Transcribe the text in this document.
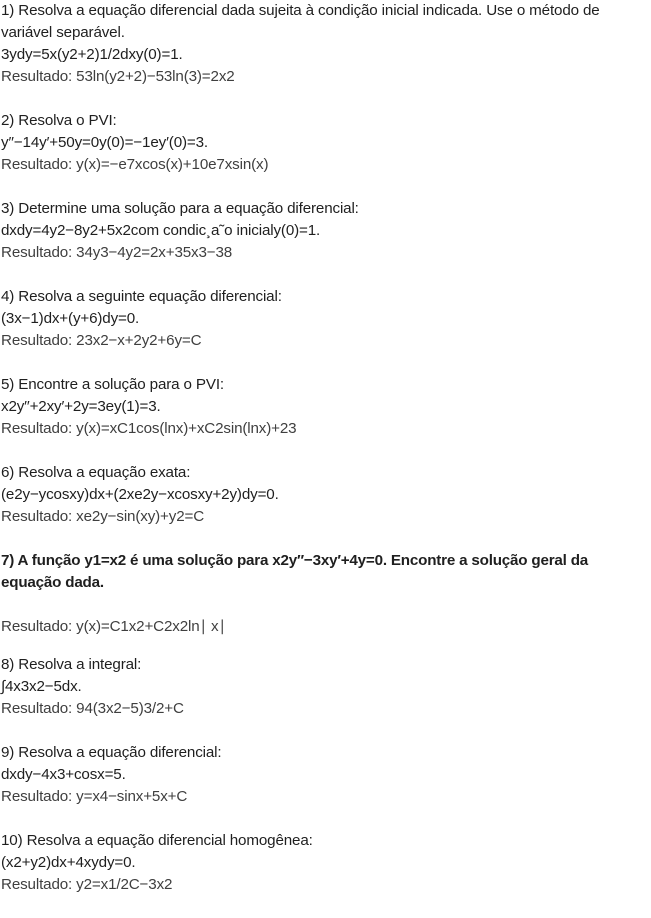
1) Resolva a equação diferencial dada sujeita à condição inicial indicada. Use o método de
variável separável.
3ydy=5x(y2+2)1/2dxy(0)=1.
Resultado: 53ln(y2+2)−53ln(3)=2x2
2) Resolva o PVI:
y′′−14y′+50y=0y(0)=−1ey′(0)=3.
Resultado: y(x)=−e7xcos(x)+10e7xsin(x)
3) Determine uma solução para a equação diferencial:
dxdy=4y2−8y2+5x2com condic¸a˜o inicialy(0)=1.
Resultado: 34y3−4y2=2x+35x3−38
4) Resolva a seguinte equação diferencial:
(3x−1)dx+(y+6)dy=0.
Resultado: 23x2−x+2y2+6y=C
5) Encontre a solução para o PVI:
x2y′′+2xy′+2y=3ey(1)=3.
Resultado: y(x)=xC1cos(lnx)+xC2sin(lnx)+23
6) Resolva a equação exata:
(e2y−ycosxy)dx+(2xe2y−xcosxy+2y)dy=0.
Resultado: xe2y−sin(xy)+y2=C
7) A função y1=x2 é uma solução para x2y′′−3xy′+4y=0. Encontre a solução geral da
equação dada.
Resultado: y(x)=C1x2+C2x2ln∣ x∣
8) Resolva a integral:
∫4x3x2−5dx.
Resultado: 94(3x2−5)3/2+C
9) Resolva a equação diferencial:
dxdy−4x3+cosx=5.
Resultado: y=x4−sinx+5x+C
10) Resolva a equação diferencial homogênea:
(x2+y2)dx+4xydy=0.
Resultado: y2=x1/2C−3x2
